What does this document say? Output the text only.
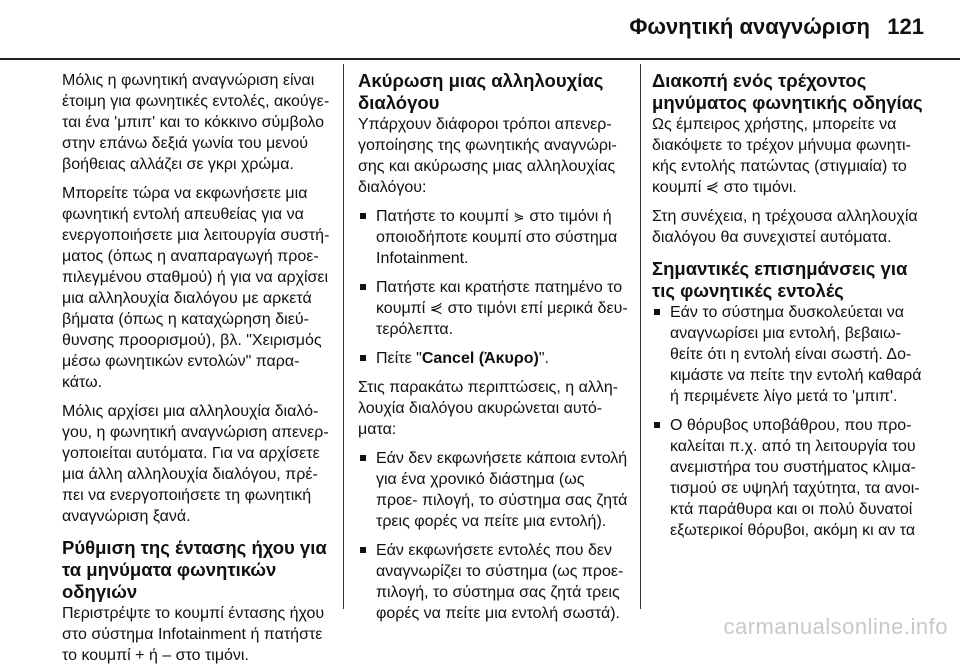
Φωνητική αναγνώριση 121

Μόλις η φωνητική αναγνώριση είναι έτοιμη για φωνητικές εντολές, ακούγε‐ ται ένα 'μπιπ' και το κόκκινο σύμβολο στην επάνω δεξιά γωνία του μενού βοήθειας αλλάζει σε γκρι χρώμα.

Μπορείτε τώρα να εκφωνήσετε μια φωνητική εντολή απευθείας για να ενεργοποιήσετε μια λειτουργία συστή‐ ματος (όπως η αναπαραγωγή προε‐ πιλεγμένου σταθμού) ή για να αρχίσει μια αλληλουχία διαλόγου με αρκετά βήματα (όπως η καταχώρηση διεύ‐ θυνσης προορισμού), βλ. "Χειρισμός μέσω φωνητικών εντολών" παρα‐ κάτω.

Μόλις αρχίσει μια αλληλουχία διαλό‐ γου, η φωνητική αναγνώριση απενερ‐ γοποιείται αυτόματα. Για να αρχίσετε μια άλλη αλληλουχία διαλόγου, πρέ‐ πει να ενεργοποιήσετε τη φωνητική αναγνώριση ξανά.

Ρύθμιση της έντασης ήχου για τα μηνύματα φωνητικών οδηγιών

Περιστρέψτε το κουμπί έντασης ήχου στο σύστημα Infotainment ή πατήστε το κουμπί + ή – στο τιμόνι.

Ακύρωση μιας αλληλουχίας διαλόγου

Υπάρχουν διάφοροι τρόποι απενερ‐ γοποίησης της φωνητικής αναγνώρι‐ σης και ακύρωσης μιας αλληλουχίας διαλόγου:

Πατήστε το κουμπί ⋟ στο τιμόνι ή οποιοδήποτε κουμπί στο σύστημα Infotainment.
Πατήστε και κρατήστε πατημένο το κουμπί ⋞ στο τιμόνι επί μερικά δευ‐ τερόλεπτα.
Πείτε "Cancel (Άκυρο)".

Στις παρακάτω περιπτώσεις, η αλλη‐ λουχία διαλόγου ακυρώνεται αυτό‐ ματα:

Εάν δεν εκφωνήσετε κάποια εντολή για ένα χρονικό διάστημα (ως προε‐ πιλογή, το σύστημα σας ζητά τρεις φορές να πείτε μια εντολή).
Εάν εκφωνήσετε εντολές που δεν αναγνωρίζει το σύστημα (ως προε‐ πιλογή, το σύστημα σας ζητά τρεις φορές να πείτε μια εντολή σωστά).
Διακοπή ενός τρέχοντος μηνύματος φωνητικής οδηγίας

Ως έμπειρος χρήστης, μπορείτε να διακόψετε το τρέχον μήνυμα φωνητι‐ κής εντολής πατώντας (στιγμιαία) το κουμπί ⋞ στο τιμόνι.

Στη συνέχεια, η τρέχουσα αλληλουχία διαλόγου θα συνεχιστεί αυτόματα.

Σημαντικές επισημάνσεις για τις φωνητικές εντολές
Εάν το σύστημα δυσκολεύεται να αναγνωρίσει μια εντολή, βεβαιω‐ θείτε ότι η εντολή είναι σωστή. Δο‐ κιμάστε να πείτε την εντολή καθαρά ή περιμένετε λίγο μετά το 'μπιπ'.
Ο θόρυβος υποβάθρου, που προ‐ καλείται π.χ. από τη λειτουργία του ανεμιστήρα του συστήματος κλιμα‐ τισμού σε υψηλή ταχύτητα, τα ανοι‐ κτά παράθυρα και οι πολύ δυνατοί εξωτερικοί θόρυβοι, ακόμη κι αν τα
carmanualsonline.info
